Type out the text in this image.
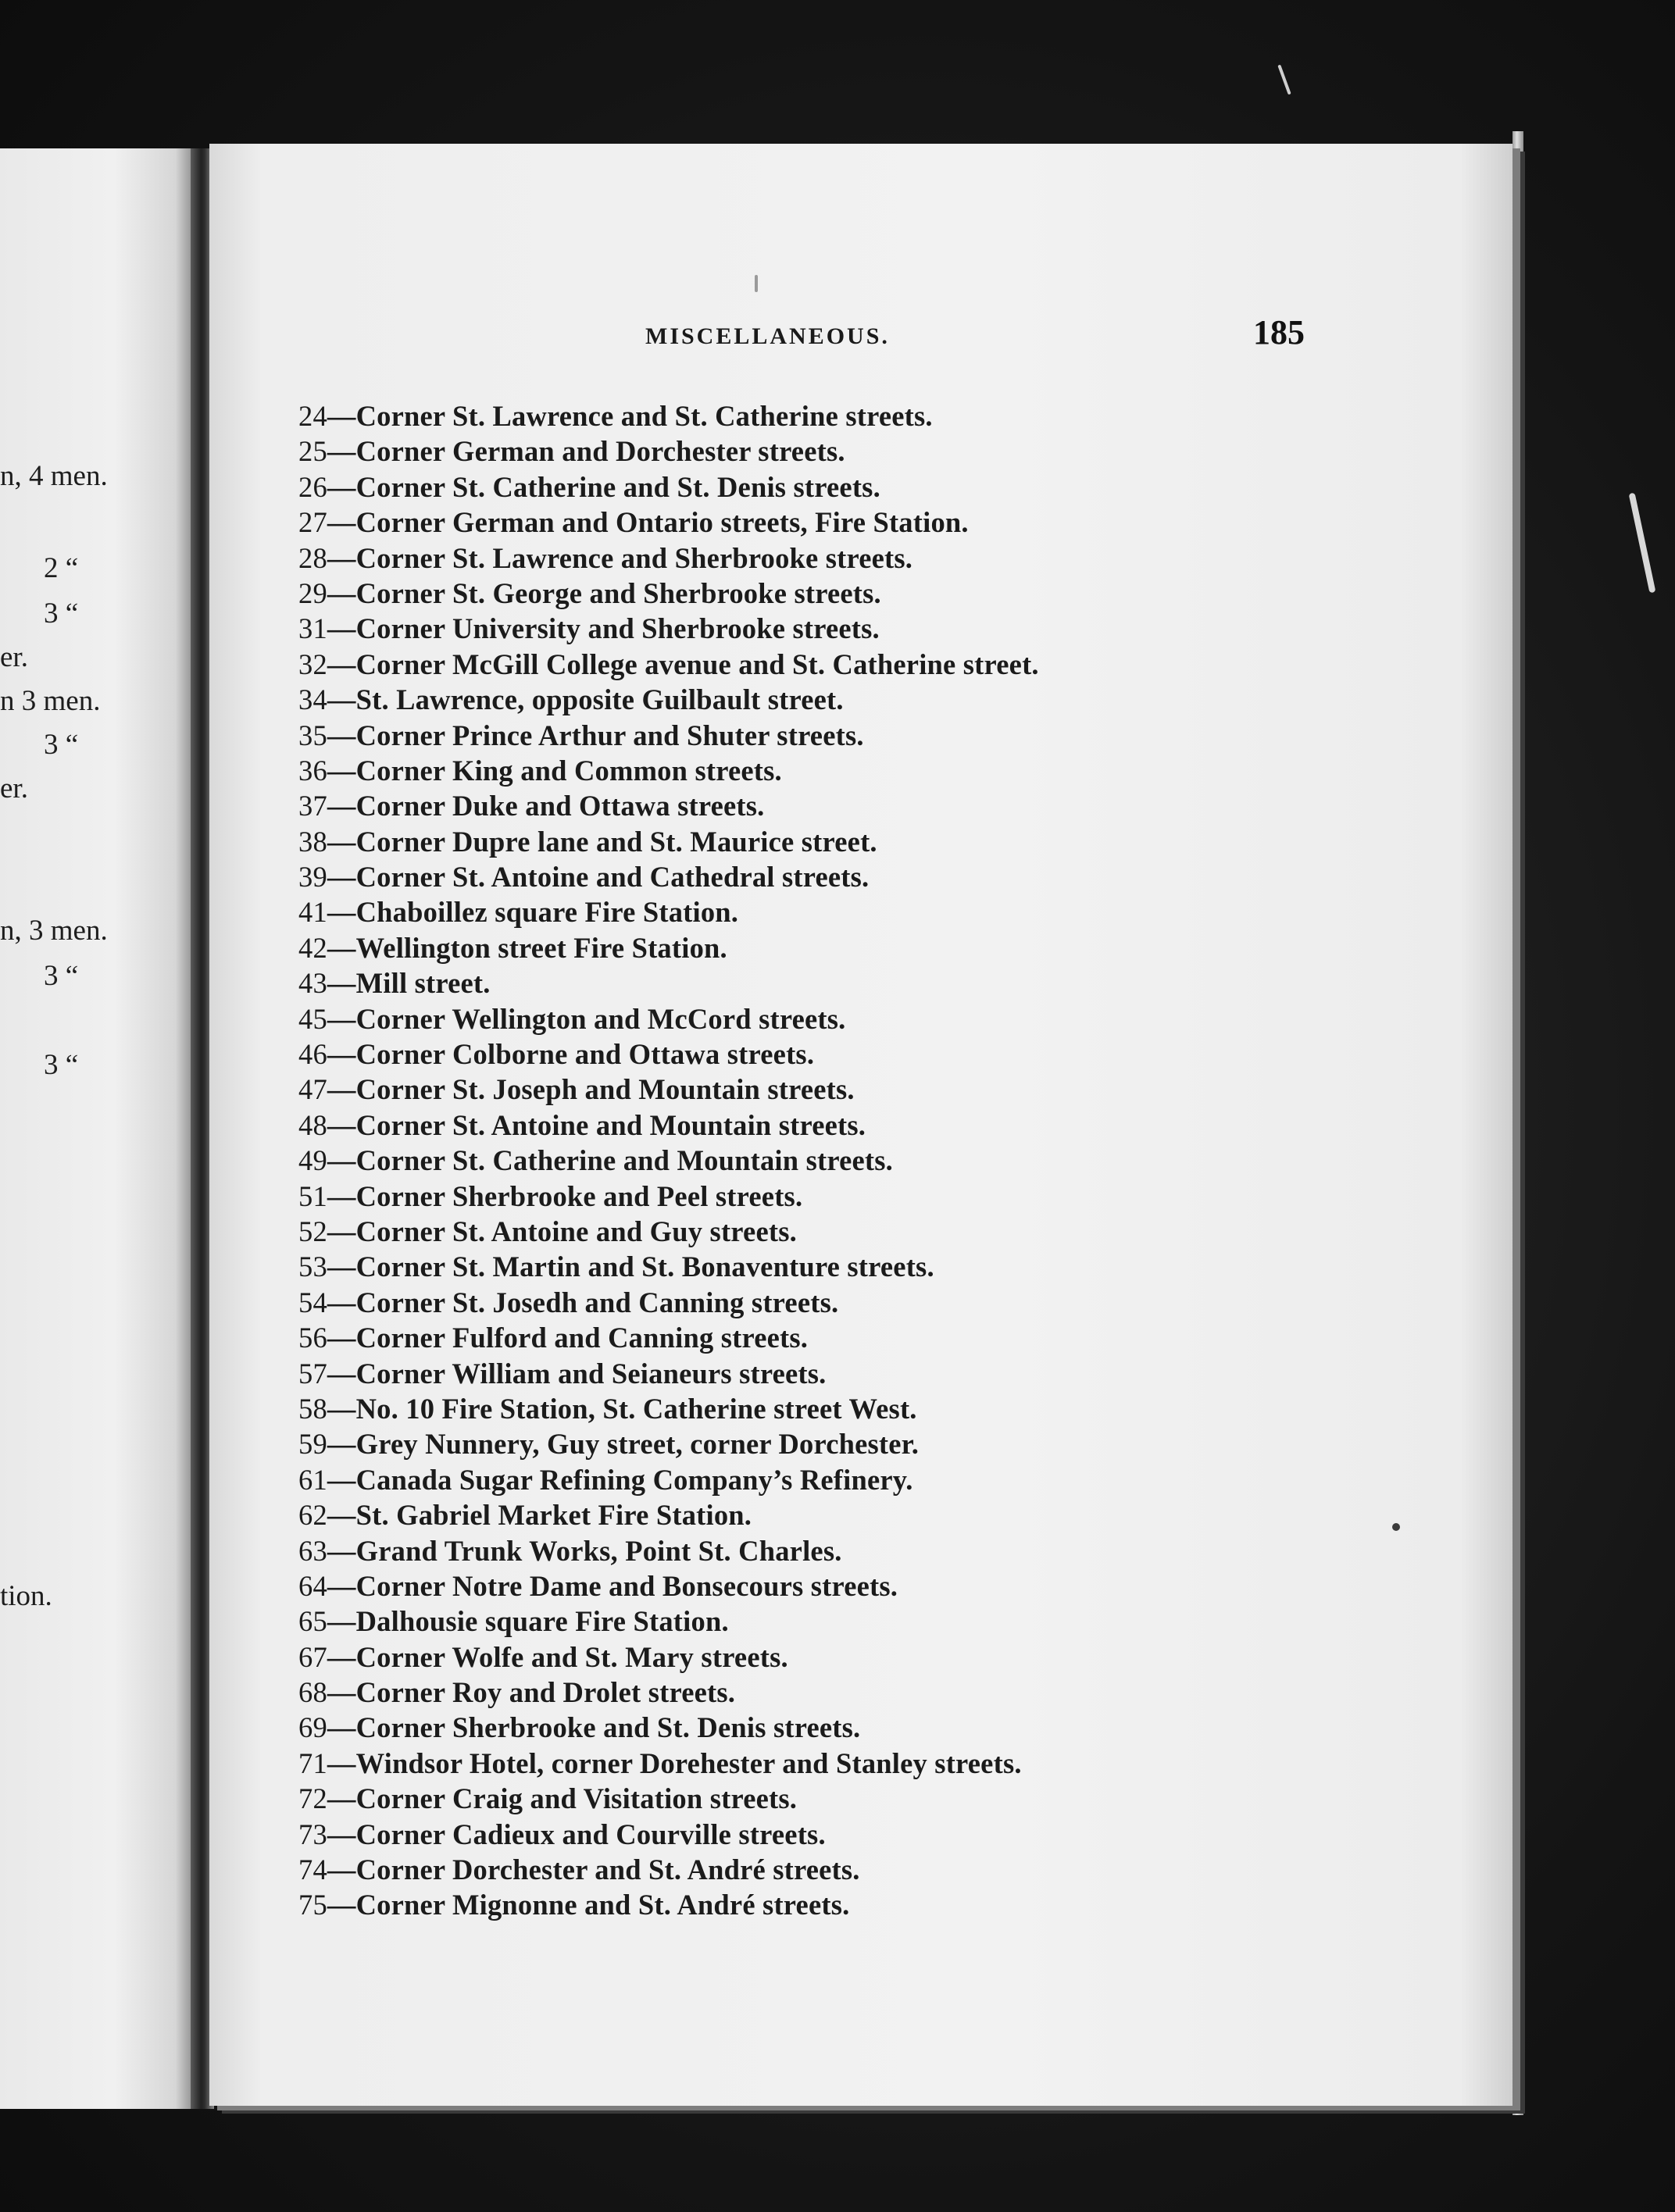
n, 4 men.
2 “
3 “
er.
n 3 men.
3 “
er.
n, 3 men.
3 “
3 “
tion.
MISCELLANEOUS.	185
24—Corner St. Lawrence and St. Catherine streets.
25—Corner German and Dorchester streets.
26—Corner St. Catherine and St. Denis streets.
27—Corner German and Ontario streets, Fire Station.
28—Corner St. Lawrence and Sherbrooke streets.
29—Corner St. George and Sherbrooke streets.
31—Corner University and Sherbrooke streets.
32—Corner McGill College avenue and St. Catherine street.
34—St. Lawrence, opposite Guilbault street.
35—Corner Prince Arthur and Shuter streets.
36—Corner King and Common streets.
37—Corner Duke and Ottawa streets.
38—Corner Dupre lane and St. Maurice street.
39—Corner St. Antoine and Cathedral streets.
41—Chaboillez square Fire Station.
42—Wellington street Fire Station.
43—Mill street.
45—Corner Wellington and McCord streets.
46—Corner Colborne and Ottawa streets.
47—Corner St. Joseph and Mountain streets.
48—Corner St. Antoine and Mountain streets.
49—Corner St. Catherine and Mountain streets.
51—Corner Sherbrooke and Peel streets.
52—Corner St. Antoine and Guy streets.
53—Corner St. Martin and St. Bonaventure streets.
54—Corner St. Josedh and Canning streets.
56—Corner Fulford and Canning streets.
57—Corner William and Seianeurs streets.
58—No. 10 Fire Station, St. Catherine street West.
59—Grey Nunnery, Guy street, corner Dorchester.
61—Canada Sugar Refining Company’s Refinery.
62—St. Gabriel Market Fire Station.
63—Grand Trunk Works, Point St. Charles.
64—Corner Notre Dame and Bonsecours streets.
65—Dalhousie square Fire Station.
67—Corner Wolfe and St. Mary streets.
68—Corner Roy and Drolet streets.
69—Corner Sherbrooke and St. Denis streets.
71—Windsor Hotel, corner Dorehester and Stanley streets.
72—Corner Craig and Visitation streets.
73—Corner Cadieux and Courville streets.
74—Corner Dorchester and St. André streets.
75—Corner Mignonne and St. André streets.
